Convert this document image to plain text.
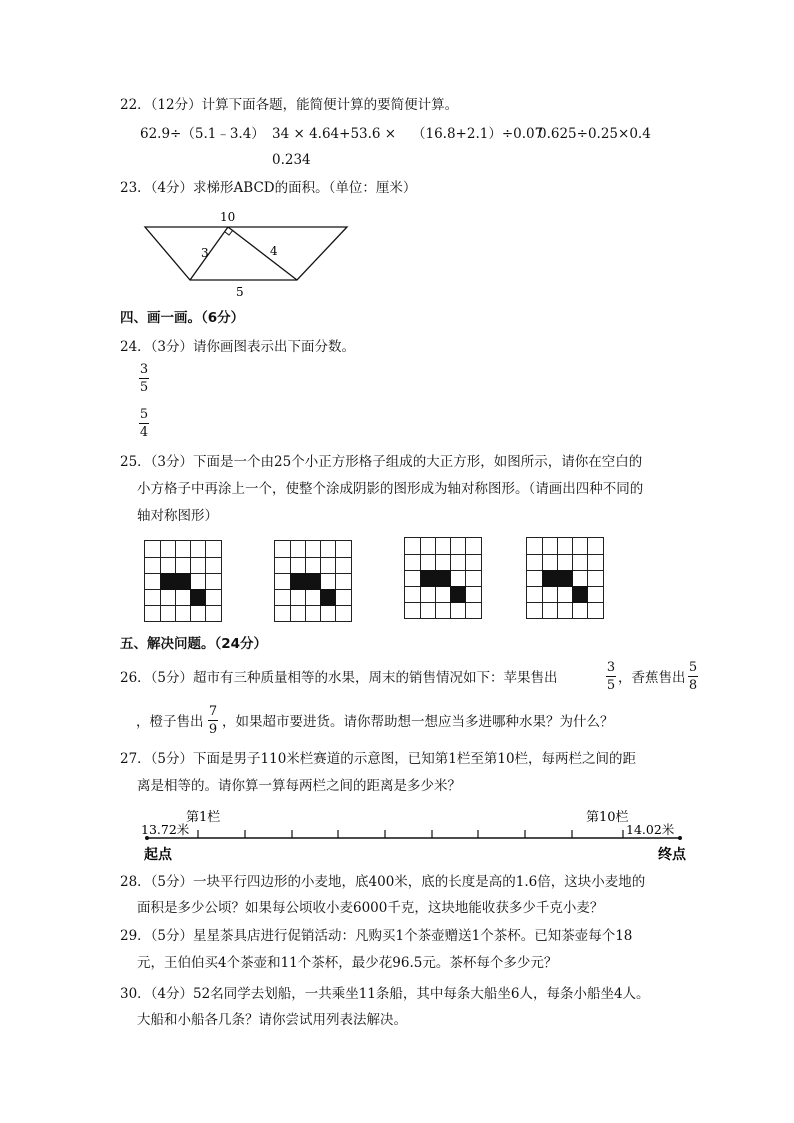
22．（12分）计算下面各题，能简便计算的要简便计算。
62.9÷（5.1﹣3.4） 34 × 4.64+53.6 ×
0.234
（16.8+2.1）÷0.07
0.625÷0.25×0.4
23．（4分）求梯形ABCD的面积。（单位：厘米）
10
3	4
5
四、画一画。（6分）
24．（3分）请你画图表示出下面分数。
3
5
5
4
25．（3分）下面是一个由25个小正方形格子组成的大正方形，如图所示，请你在空白的
小方格子中再涂上一个，使整个涂成阴影的图形成为轴对称图形。（请画出四种不同的
轴对称图形）
五、解决问题。（24分）
26．（5分）超市有三种质量相等的水果，周末的销售情况如下：苹果售出
3
5 ，香蕉售出
5
8
，橙子售出
7
9 ，如果超市要进货。请你帮助想一想应当多进哪种水果？为什么？
27．（5分）下面是男子110米栏赛道的示意图，已知第1栏至第10栏，每两栏之间的距
离是相等的。请你算一算每两栏之间的距离是多少米？
第1栏	第10栏
13.72米	14.02米
起点	终点
28．（5分）一块平行四边形的小麦地，底400米，底的长度是高的1.6倍，这块小麦地的
面积是多少公顷？如果每公顷收小麦6000千克，这块地能收获多少千克小麦？
29．（5分）星星茶具店进行促销活动：凡购买1个茶壶赠送1个茶杯。已知茶壶每个18
元，王伯伯买4个茶壶和11个茶杯，最少花96.5元。茶杯每个多少元？
30．（4分）52名同学去划船，一共乘坐11条船，其中每条大船坐6人，每条小船坐4人。
大船和小船各几条？请你尝试用列表法解决。
